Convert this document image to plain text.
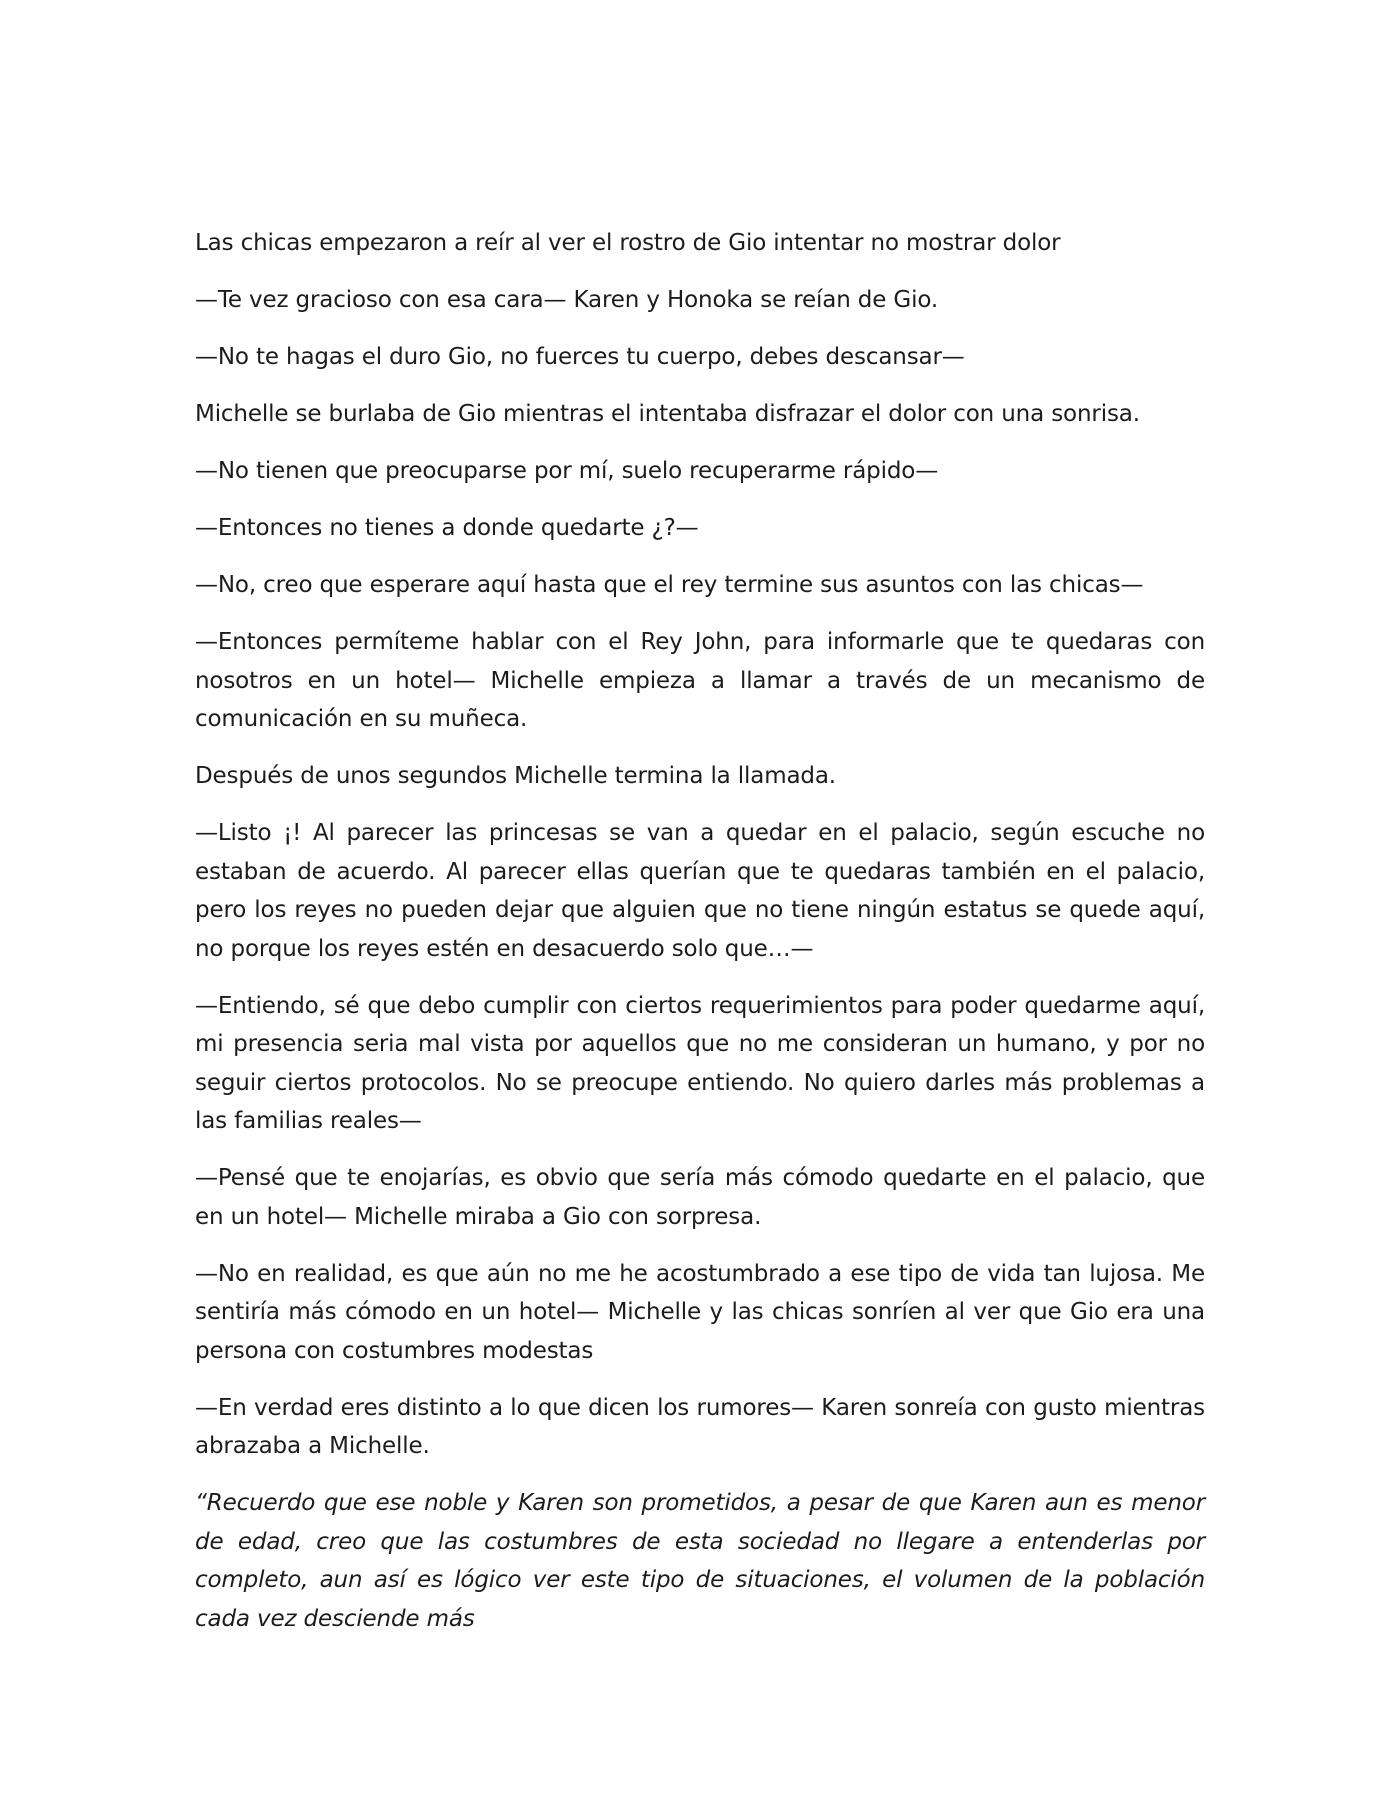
Las chicas empezaron a reír al ver el rostro de Gio intentar no mostrar dolor

—Te vez gracioso con esa cara— Karen y Honoka se reían de Gio.

—No te hagas el duro Gio, no fuerces tu cuerpo, debes descansar—

Michelle se burlaba de Gio mientras el intentaba disfrazar el dolor con una sonrisa.

—No tienen que preocuparse por mí, suelo recuperarme rápido—

—Entonces no tienes a donde quedarte ¿?—

—No, creo que esperare aquí hasta que el rey termine sus asuntos con las chicas—

—Entonces permíteme hablar con el Rey John, para informarle que te quedaras con nosotros en un hotel— Michelle empieza a llamar a través de un mecanismo de comunicación en su muñeca.

Después de unos segundos Michelle termina la llamada.

—Listo ¡! Al parecer las princesas se van a quedar en el palacio, según escuche no estaban de acuerdo. Al parecer ellas querían que te quedaras también en el palacio, pero los reyes no pueden dejar que alguien que no tiene ningún estatus se quede aquí, no porque los reyes estén en desacuerdo solo que…—

—Entiendo, sé que debo cumplir con ciertos requerimientos para poder quedarme aquí, mi presencia seria mal vista por aquellos que no me consideran un humano, y por no seguir ciertos protocolos. No se preocupe entiendo. No quiero darles más problemas a las familias reales—

—Pensé que te enojarías, es obvio que sería más cómodo quedarte en el palacio, que en un hotel— Michelle miraba a Gio con sorpresa.

—No en realidad, es que aún no me he acostumbrado a ese tipo de vida tan lujosa. Me sentiría más cómodo en un hotel— Michelle y las chicas sonríen al ver que Gio era una persona con costumbres modestas

—En verdad eres distinto a lo que dicen los rumores— Karen sonreía con gusto mientras abrazaba a Michelle.

“Recuerdo que ese noble y Karen son prometidos, a pesar de que Karen aun es menor de edad, creo que las costumbres de esta sociedad no llegare a entenderlas por completo, aun así es lógico ver este tipo de situaciones, el volumen de la población cada vez desciende más
